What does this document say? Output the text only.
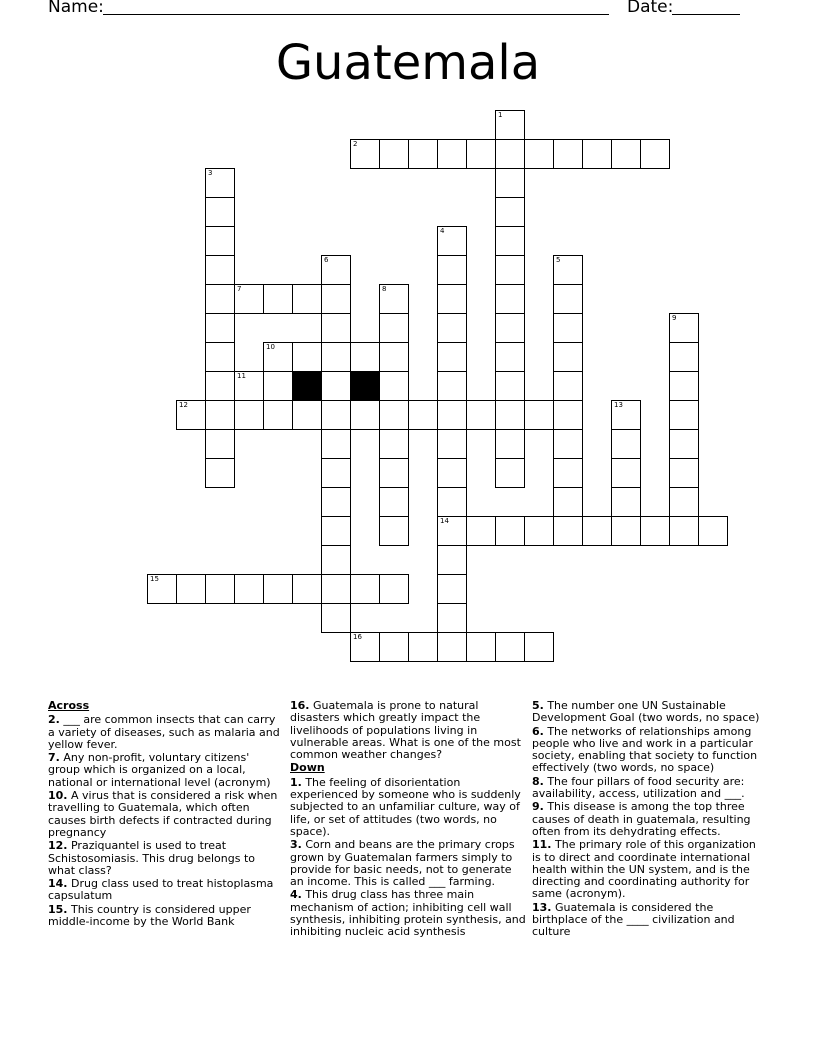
Name:	Date:
Guatemala
2
7
10
11
12
14
15
16
1
3
4
5
6
8
9
13
Across
2. ___ are common insects that can carry a variety of diseases, such as malaria and yellow fever.
7. Any non-profit, voluntary citizens' group which is organized on a local, national or international level (acronym)
10. A virus that is considered a risk when travelling to Guatemala, which often causes birth defects if contracted during pregnancy
12. Praziquantel is used to treat Schistosomiasis. This drug belongs to what class?
14. Drug class used to treat histoplasma capsulatum
15. This country is considered upper middle-income by the World Bank
16. Guatemala is prone to natural disasters which greatly impact the livelihoods of populations living in vulnerable areas. What is one of the most common weather changes?
Down
1. The feeling of disorientation experienced by someone who is suddenly subjected to an unfamiliar culture, way of life, or set of attitudes (two words, no space).
3. Corn and beans are the primary crops grown by Guatemalan farmers simply to provide for basic needs, not to generate an income. This is called ___ farming.
4. This drug class has three main mechanism of action; inhibiting cell wall synthesis, inhibiting protein synthesis, and inhibiting nucleic acid synthesis
5. The number one UN Sustainable Development Goal (two words, no space)
6. The networks of relationships among people who live and work in a particular society, enabling that society to function effectively (two words, no space)
8. The four pillars of food security are: availability, access, utilization and ___.
9. This disease is among the top three causes of death in guatemala, resulting often from its dehydrating effects.
11. The primary role of this organization is to direct and coordinate international health within the UN system, and is the directing and coordinating authority for same (acronym).
13. Guatemala is considered the birthplace of the ____ civilization and culture
